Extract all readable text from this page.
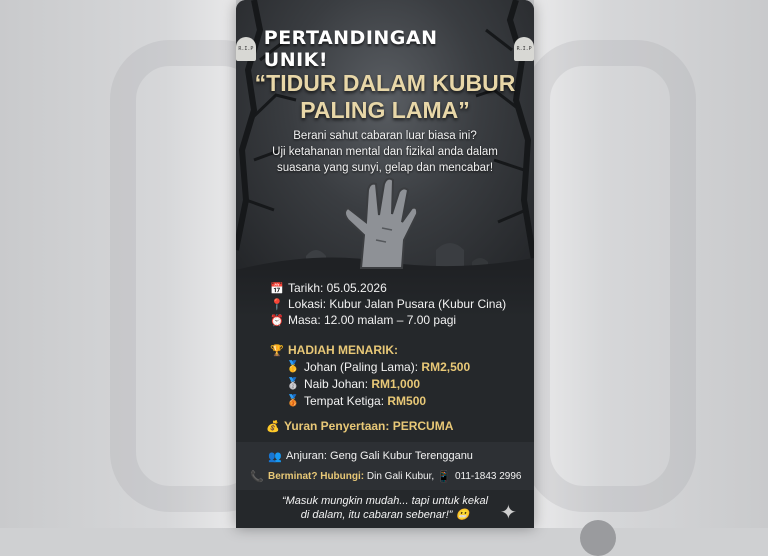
R.I.P PERTANDINGAN UNIK!	R.I.P
“TIDUR DALAM KUBUR
PALING LAMA”
Berani sahut cabaran luar biasa ini?
Uji ketahanan mental dan fizikal anda dalam
suasana yang sunyi, gelap dan mencabar!
📅 Tarikh: 05.05.2026
📍 Lokasi: Kubur Jalan Pusara (Kubur Cina)
⏰ Masa: 12.00 malam – 7.00 pagi
🏆 HADIAH MENARIK:
🥇 Johan (Paling Lama):
RM2,500
🥈 Naib Johan:
RM1,000
🥉 Tempat Ketiga:
RM500
💰 Yuran Penyertaan:
PERCUMA
👥 Anjuran: Geng Gali Kubur Terengganu
📞 Berminat? Hubungi:
Din Gali Kubur,
📱 011-1843 2996
“Masuk mungkin mudah... tapi untuk kekal
di dalam, itu cabaran sebenar!” 😬	✦
